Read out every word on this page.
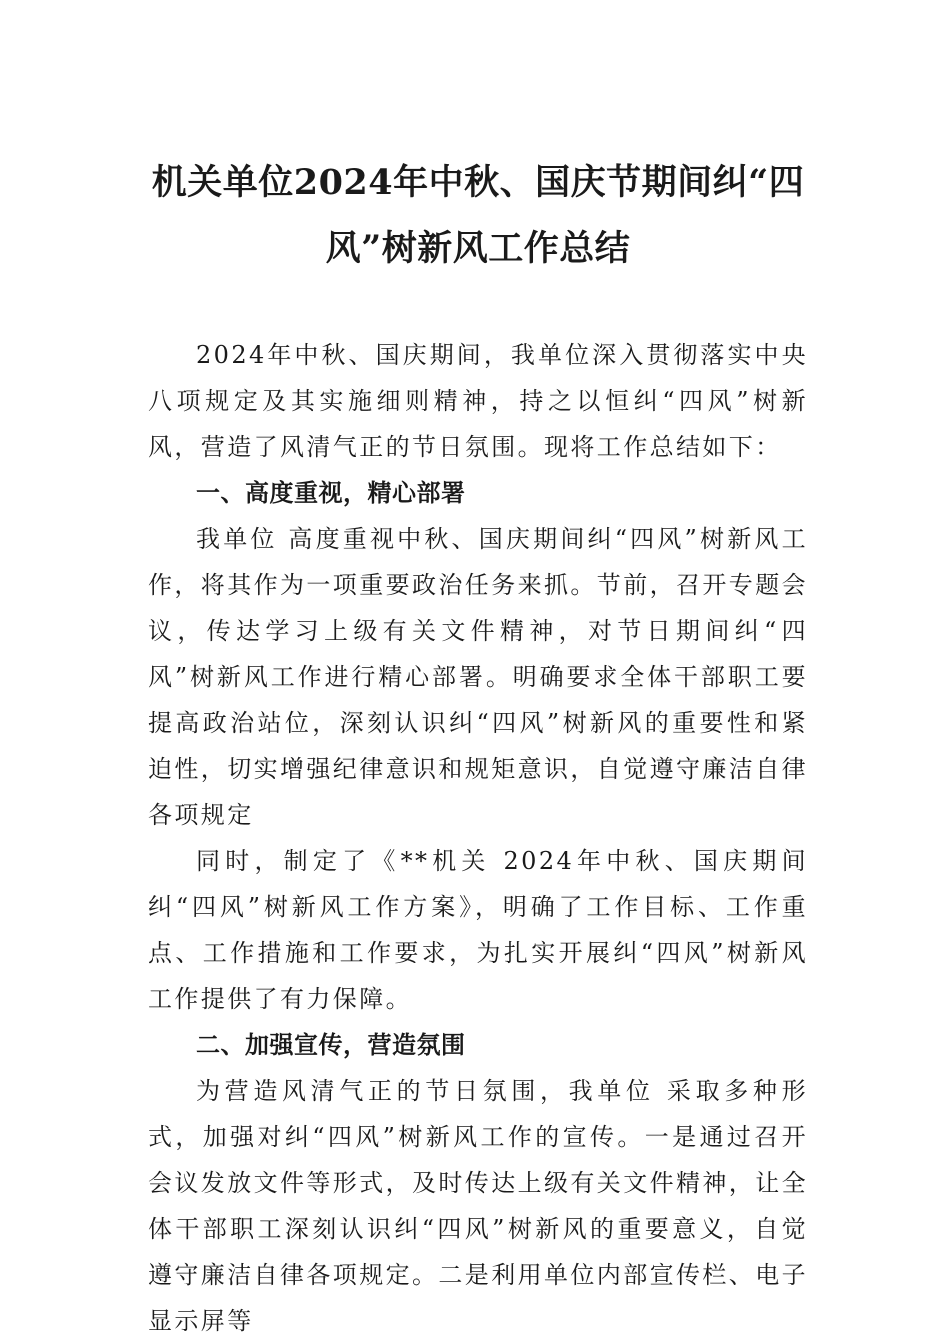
机关单位2024年中秋、国庆节期间纠“四
风”树新风工作总结

2024年中秋、国庆期间，我单位深入贯彻落实中央八项规定及其实施细则精神，持之以恒纠“四风”树新风，营造了风清气正的节日氛围。现将工作总结如下：

一、高度重视，精心部署

我单位 高度重视中秋、国庆期间纠“四风”树新风工作，将其作为一项重要政治任务来抓。节前，召开专题会议，传达学习上级有关文件精神，对节日期间纠“四风”树新风工作进行精心部署。明确要求全体干部职工要提高政治站位，深刻认识纠“四风”树新风的重要性和紧迫性，切实增强纪律意识和规矩意识，自觉遵守廉洁自律各项规定

同时，制定了《**机关 2024年中秋、国庆期间纠“四风”树新风工作方案》，明确了工作目标、工作重点、工作措施和工作要求，为扎实开展纠“四风”树新风工作提供了有力保障。

二、加强宣传，营造氛围

为营造风清气正的节日氛围，我单位 采取多种形式，加强对纠“四风”树新风工作的宣传。一是通过召开会议发放文件等形式，及时传达上级有关文件精神，让全体干部职工深刻认识纠“四风”树新风的重要意义，自觉遵守廉洁自律各项规定。二是利用单位内部宣传栏、电子显示屏等
